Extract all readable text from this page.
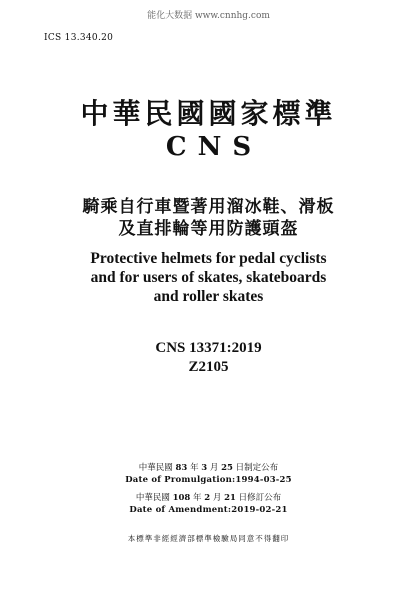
能化大数据 www.cnnhg.com
ICS 13.340.20
中華民國國家標準
CNS
騎乘自行車暨著用溜冰鞋、滑板
及直排輪等用防護頭盔
Protective helmets for pedal cyclists
and for users of skates, skateboards
and roller skates
CNS 13371:2019
Z2105
中華民國 83 年 3 月 25 日制定公布
Date of Promulgation:1994-03-25
中華民國 108 年 2 月 21 日修訂公布
Date of Amendment:2019-02-21
本標準非經經濟部標準檢驗局同意不得翻印
